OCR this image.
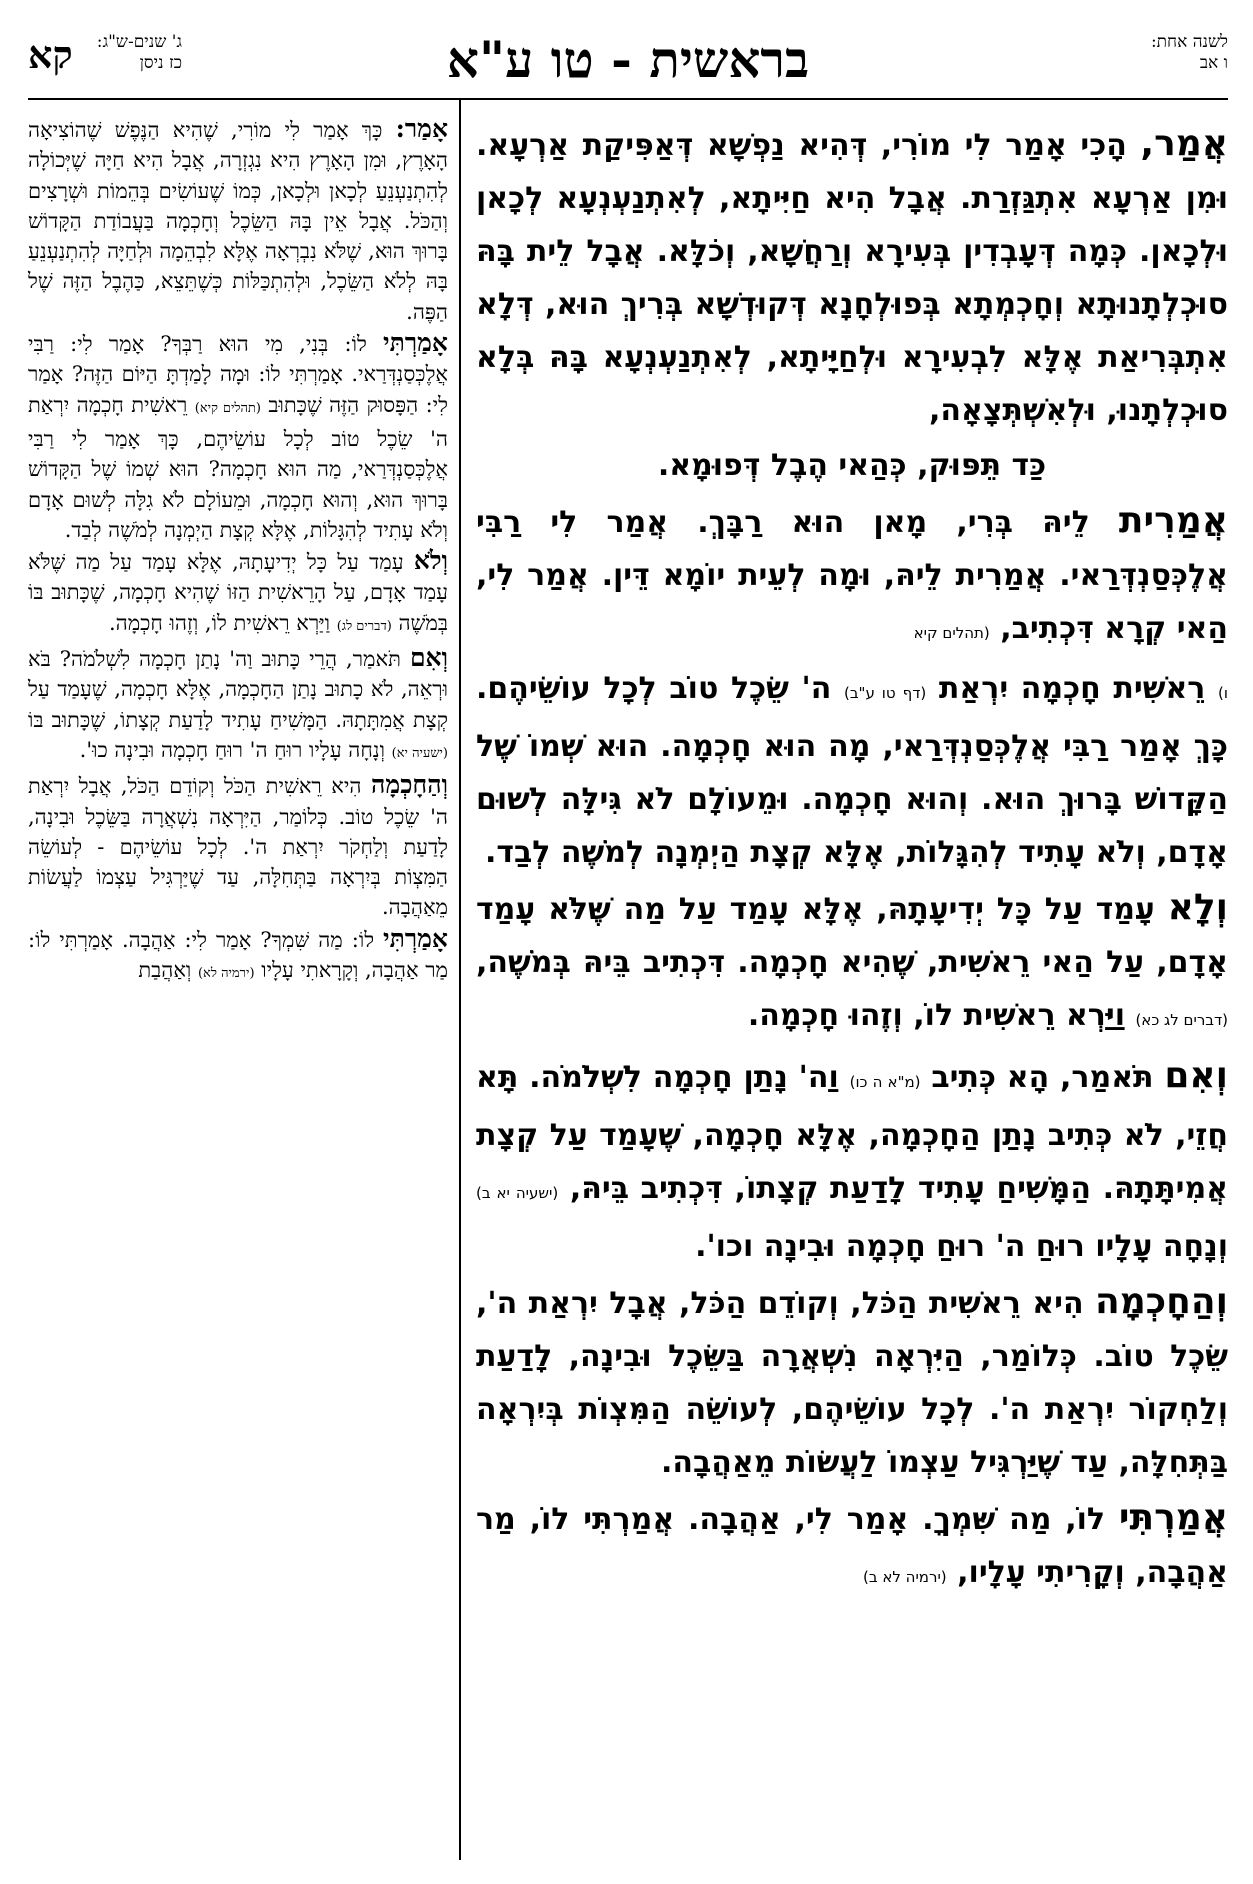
לשנה אחת:
ו אב
בראשית - טו ע"א
קא ג' שנים-ש"ג:
כז ניסן

אֲמַר, הָכִי אָמַר לִי מוֹרִי, דְּהִיא נַפְשָׁא דְּאַפִּיקַת אַרְעָא. וּמִן אַרְעָא אִתְגַּזְרַת. אֲבָל הִיא חַיִּיתָא, לְאִתְנַעְנְעָא לְכָאן וּלְכָאן. כְּמָה דְּעָבְדִין בְּעִירָא וְרַחֲשָׁא, וְכֹלָּא. אֲבָל לֵית בָּהּ סוּכְלְתָנוּתָא וְחָכְמְתָא בְּפוּלְחָנָא דְּקוּדְשָׁא בְּרִיךְ הוּא, דְּלָא אִתְבְּרִיאַת אֶלָּא לִבְעִירָא וּלְחַיָּיתָא, לְאִתְנַעְנְעָא בָּהּ בְּלָא סוּכְלְתָנוּ, וּלְאִשְׁתְּצָאָה,

כַּד תֵּפּוּק, כְּהַאי הֶבֶל דְּפוּמָא.

אֲמַרִית לֵיהּ בְּרִי, מָאן הוּא רַבָּךְ. אֲמַר לִי רַבִּי אֲלֶכְּסַנְדְּרַאי. אֲמַרִית לֵיהּ, וּמָה לְעֵית יוֹמָא דֵּין. אֲמַר לִי, הַאי קְרָא דִּכְתִיב, (תהלים קיא

ו) רֵאשִׁית חָכְמָה יִרְאַת (דף טו ע"ב) ה' שֵׂכֶל טוֹב לְכָל עוֹשֵׂיהֶם. כָּךְ אָמַר רַבִּי אֲלֶכְּסַנְדְּרַאי, מָה הוּא חָכְמָה. הוּא שְׁמוֹ שֶׁל הַקָּדוֹשׁ בָּרוּךְ הוּא. וְהוּא חָכְמָה. וּמֵעוֹלָם לֹא גִּילָּה לְשׁוּם אָדָם, וְלֹא עָתִיד לְהִגָּלוֹת, אֶלָּא קְצָת הַיְמְנָה לְמֹשֶׁה לְבַד.

וְלָא עָמַד עַל כָּל יְדִיעָתָהּ, אֶלָּא עָמַד עַל מַה שֶּׁלֹּא עָמַד אָדָם, עַל הַאי רֵאשִׁית, שֶׁהִיא חָכְמָה. דִּכְתִיב בֵּיהּ בְּמֹשֶׁה, (דברים לג כא) וַיַּרְא רֵאשִׁית לוֹ, וְזֶהוּ חָכְמָה.

וְאִם תֹּאמַר, הָא כְּתִיב (מ"א ה כו) וַה' נָתַן חָכְמָה לִשְׁלֹמֹה. תָּא חֲזֵי, לֹא כְּתִיב נָתַן הַחָכְמָה, אֶלָּא חָכְמָה, שֶׁעָמַד עַל קְצָת אֲמִיתָּתָהּ. הַמָּשִׁיחַ עָתִיד לָדַעַת קְצָתוֹ, דִּכְתִיב בֵּיהּ, (ישעיה יא ב) וְנָחָה עָלָיו רוּחַ ה' רוּחַ חָכְמָה וּבִינָה וכו'.

וְהַחָכְמָה הִיא רֵאשִׁית הַכֹּל, וְקוֹדֵם הַכֹּל, אֲבָל יִרְאַת ה', שֵׂכֶל טוֹב. כְּלוֹמַר, הַיִּרְאָה נִשְׁאֲרָה בַּשֵּׂכֶל וּבִינָה, לָדַעַת וְלַחְקוֹר יִרְאַת ה'. לְכָל עוֹשֵׂיהֶם, לְעוֹשֵׂה הַמִּצְוֹת בְּיִרְאָה בַּתְּחִלָּה, עַד שֶׁיַּרְגִּיל עַצְמוֹ לַעֲשׂוֹת מֵאַהֲבָה.

אֲמַרְתִּי לוֹ, מַה שִּׁמְךָ. אָמַר לִי, אַהֲבָה. אֲמַרְתִּי לוֹ, מַר אַהֲבָה, וְקָרִיתִי עָלָיו, (ירמיה לא ב)

אָמַר: כָּךְ אָמַר לִי מוֹרִי, שֶׁהִיא הַנֶּפֶשׁ שֶׁהוֹצִיאָה הָאָרֶץ, וּמִן הָאָרֶץ הִיא נִגְזְרָה, אֲבָל הִיא חַיָּה שֶׁיְּכוֹלָה לְהִתְנַעְנֵעַ לְכָאן וּלְכָאן, כְּמוֹ שֶׁעוֹשִׂים בְּהֵמוֹת וּשְׁרָצִים וְהַכֹּל. אֲבָל אֵין בָּהּ הַשֵּׂכֶל וְחָכְמָה בַּעֲבוֹדַת הַקָּדוֹשׁ בָּרוּךְ הוּא, שֶׁלֹּא נִבְרְאָה אֶלָּא לִבְהֵמָה וּלְחַיָּה לְהִתְנַעְנֵעַ בָּהּ לְלֹא הַשֵּׂכֶל, וּלְהִתְכַּלּוֹת כְּשֶׁתֵּצֵא, כַּהֶבֶל הַזֶּה שֶׁל הַפֶּה.

אָמַרְתִּי לוֹ: בְּנִי, מִי הוּא רַבְּךָ? אָמַר לִי: רַבִּי אֲלֶכְּסַנְדְּרַאי. אָמַרְתִּי לוֹ: וּמָה לָמַדְתָּ הַיּוֹם הַזֶּה? אָמַר לִי: הַפָּסוּק הַזֶּה שֶׁכָּתוּב (תהלים קיא) רֵאשִׁית חָכְמָה יִרְאַת ה' שֵׂכֶל טוֹב לְכָל עוֹשֵׂיהֶם, כָּךְ אָמַר לִי רַבִּי אֲלֶכְּסַנְדְּרַאי, מַה הוּא חָכְמָה? הוּא שְׁמוֹ שֶׁל הַקָּדוֹשׁ בָּרוּךְ הוּא, וְהוּא חָכְמָה, וּמֵעוֹלָם לֹא גִלָּה לְשׁוּם אָדָם וְלֹא עָתִיד לְהִגָּלוֹת, אֶלָּא קְצָת הַיְמְנָה לְמֹשֶׁה לְבַד.

וְלֹא עָמַד עַל כָּל יְדִיעָתָהּ, אֶלָּא עָמַד עַל מַה שֶּׁלֹּא עָמַד אָדָם, עַל הָרֵאשִׁית הַזּוֹ שֶׁהִיא חָכְמָה, שֶׁכָּתוּב בּוֹ בְּמֹשֶׁה (דברים לג) וַיַּרְא רֵאשִׁית לוֹ, וְזֶהוּ חָכְמָה.

וְאִם תֹּאמַר, הֲרֵי כָּתוּב וַה' נָתַן חָכְמָה לִשְׁלֹמֹה? בֹּא וּרְאֵה, לֹא כָתוּב נָתַן הַחָכְמָה, אֶלָּא חָכְמָה, שֶׁעָמַד עַל קְצָת אֲמִתָּתָהּ. הַמָּשִׁיחַ עָתִיד לָדַעַת קְצָתוֹ, שֶׁכָּתוּב בּוֹ (ישעיה יא) וְנָחָה עָלָיו רוּחַ ה' רוּחַ חָכְמָה וּבִינָה כוּ'.

וְהַחָכְמָה הִיא רֵאשִׁית הַכֹּל וְקוֹדֵם הַכֹּל, אֲבָל יִרְאַת ה' שֵׂכֶל טוֹב. כְּלוֹמַר, הַיִּרְאָה נִשְׁאֲרָה בַּשֵּׂכֶל וּבִינָה, לָדַעַת וְלַחְקֹר יִרְאַת ה'. לְכָל עוֹשֵׂיהֶם - לְעוֹשֵׂה הַמִּצְוֹת בְּיִרְאָה בַּתְּחִלָּה, עַד שֶׁיַּרְגִּיל עַצְמוֹ לַעֲשׂוֹת מֵאַהֲבָה.

אָמַרְתִּי לוֹ: מַה שִּׁמְךָ? אָמַר לִי: אַהֲבָה. אָמַרְתִּי לוֹ: מַר אַהֲבָה, וְקָרָאתִי עָלָיו (ירמיה לא) וְאַהֲבַת
